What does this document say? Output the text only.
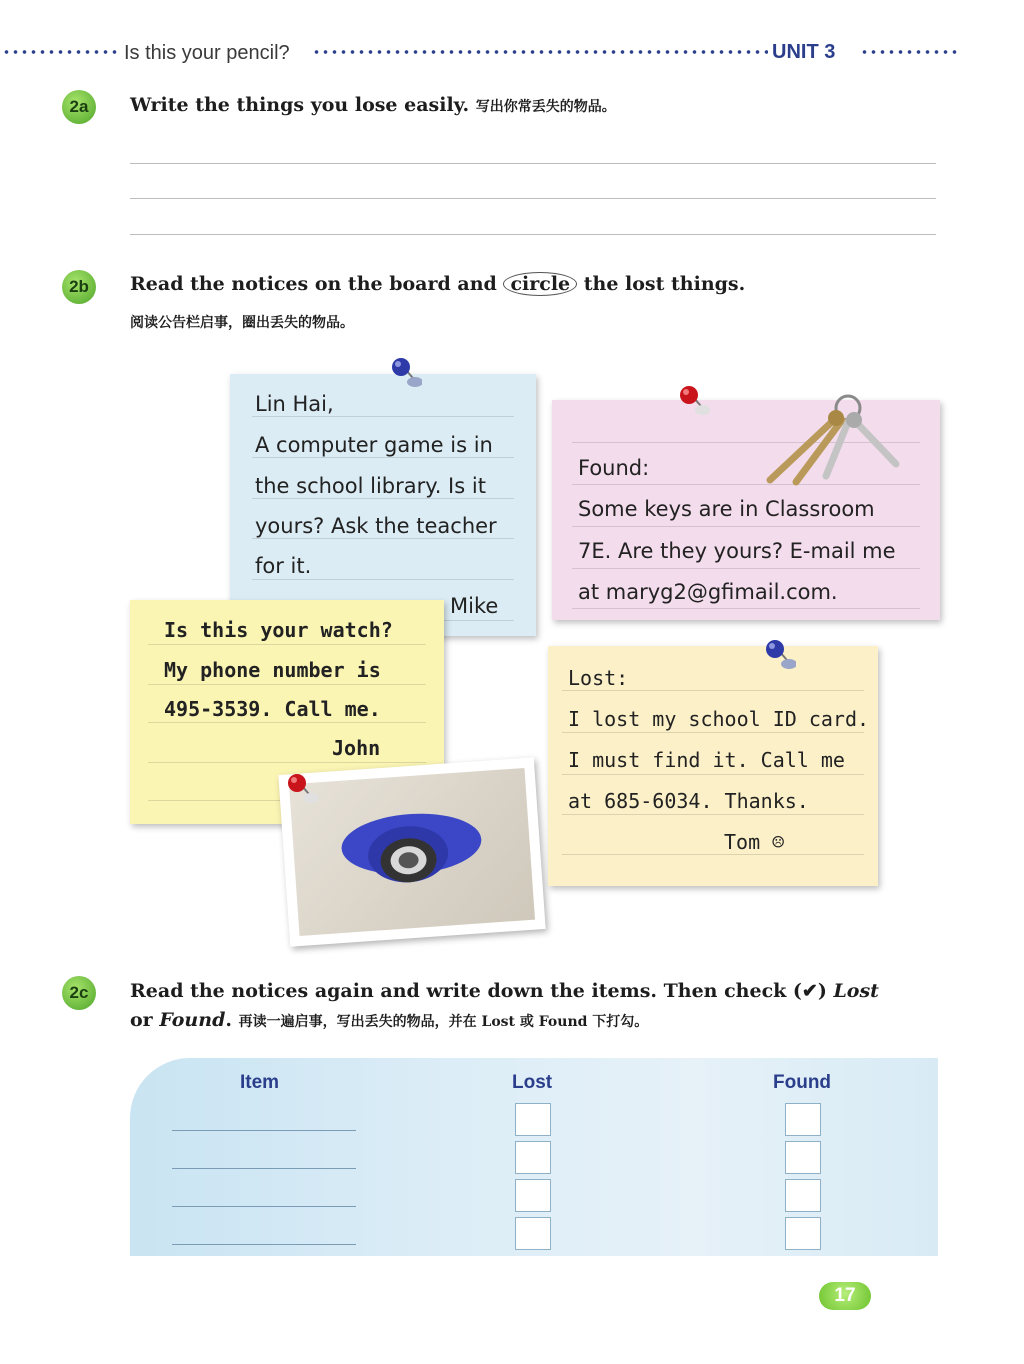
Is this your pencil?	UNIT 3
2a	Write the things you lose easily. 写出你常丢失的物品。
2b	Read the notices on the board and circle the lost things.
阅读公告栏启事，圈出丢失的物品。
Lin Hai,
A computer game is in
the school library. Is it
yours? Ask the teacher
for it.
Mike
Found:
Some keys are in Classroom
7E. Are they yours? E-mail me
at maryg2@gfimail.com.
Is this your watch?
My phone number is
495-3539. Call me.
John
Lost:
I lost my school ID card.
I must find it. Call me
at 685-6034. Thanks.
Tom ☹
2c	Read the notices again and write down the items. Then check (✔) Lost
or Found. 再读一遍启事，写出丢失的物品，并在 Lost 或 Found 下打勾。
Item	Lost	Found
17
